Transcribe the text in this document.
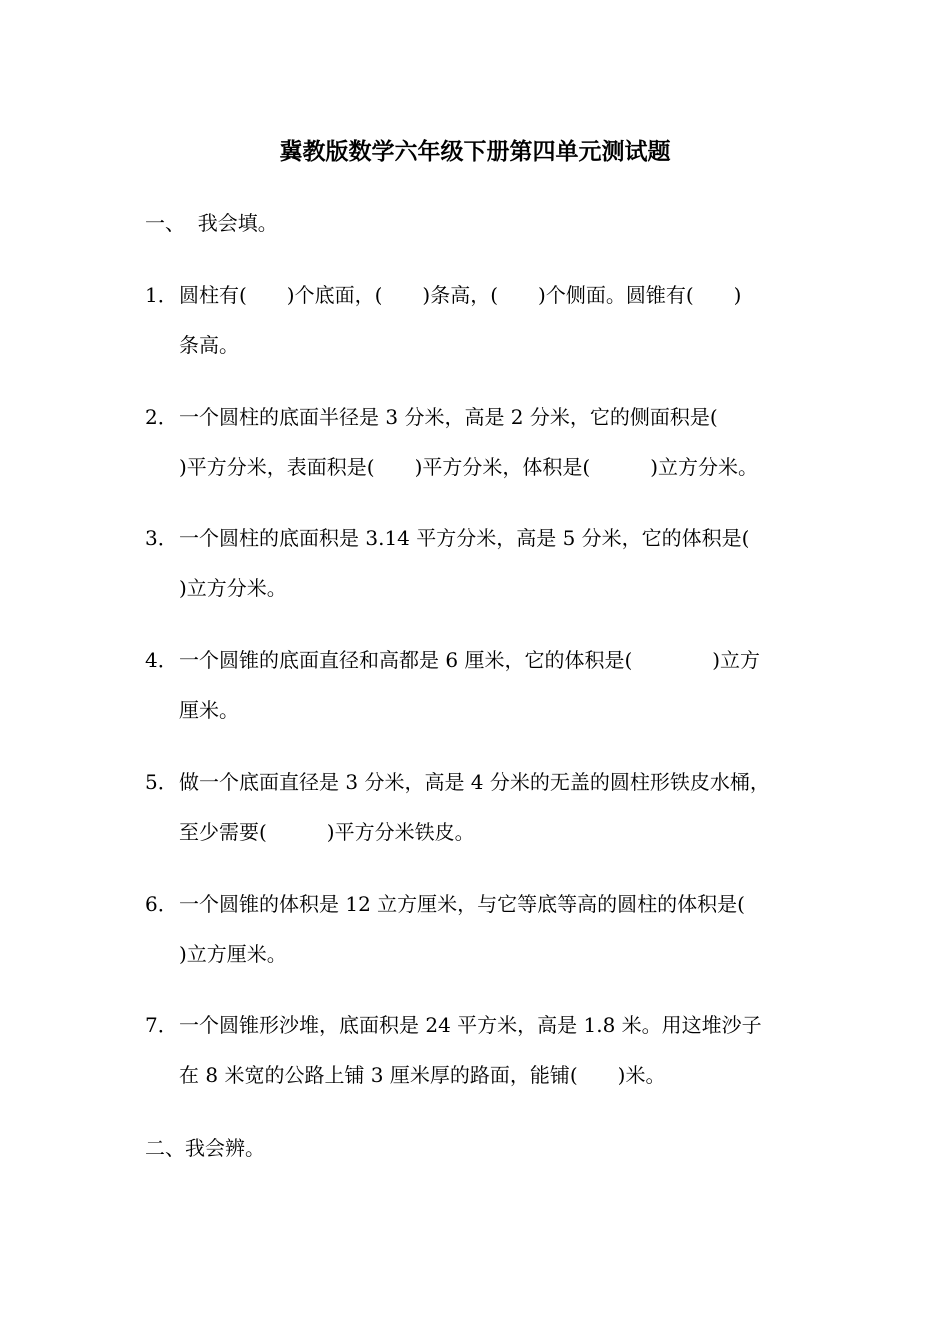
冀教版数学六年级下册第四单元测试题
一、  我会填。
1．圆柱有(　　)个底面，(　　)条高，(　　)个侧面。圆锥有(　　)
条高。
2．一个圆柱的底面半径是 3 分米，高是 2 分米，它的侧面积是(
)平方分米，表面积是(　　)平方分米，体积是(　　　)立方分米。
3．一个圆柱的底面积是 3.14 平方分米，高是 5 分米，它的体积是(
)立方分米。
4．一个圆锥的底面直径和高都是 6 厘米，它的体积是(　　　　)立方
厘米。
5．做一个底面直径是 3 分米，高是 4 分米的无盖的圆柱形铁皮水桶，
至少需要(　　　)平方分米铁皮。
6．一个圆锥的体积是 12 立方厘米，与它等底等高的圆柱的体积是(
)立方厘米。
7．一个圆锥形沙堆，底面积是 24 平方米，高是 1.8 米。用这堆沙子
在 8 米宽的公路上铺 3 厘米厚的路面，能铺(　　)米。
二、我会辨。
